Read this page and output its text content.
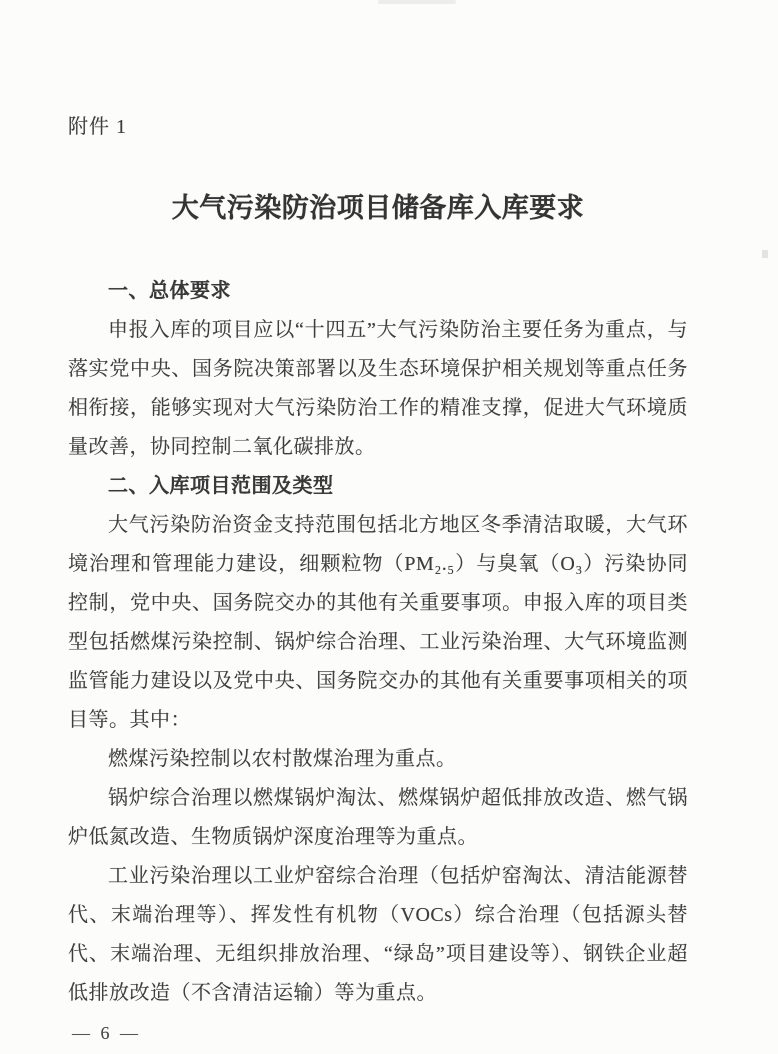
附件 1
大气污染防治项目储备库入库要求
一、总体要求

申报入库的项目应以“十四五”大气污染防治主要任务为重点，与落实党中央、国务院决策部署以及生态环境保护相关规划等重点任务相衔接，能够实现对大气污染防治工作的精准支撑，促进大气环境质量改善，协同控制二氧化碳排放。

二、入库项目范围及类型

大气污染防治资金支持范围包括北方地区冬季清洁取暖，大气环境治理和管理能力建设，细颗粒物（PM₂.₅）与臭氧（O₃）污染协同控制，党中央、国务院交办的其他有关重要事项。申报入库的项目类型包括燃煤污染控制、锅炉综合治理、工业污染治理、大气环境监测监管能力建设以及党中央、国务院交办的其他有关重要事项相关的项目等。其中：

燃煤污染控制以农村散煤治理为重点。

锅炉综合治理以燃煤锅炉淘汰、燃煤锅炉超低排放改造、燃气锅炉低氮改造、生物质锅炉深度治理等为重点。

工业污染治理以工业炉窑综合治理（包括炉窑淘汰、清洁能源替代、末端治理等）、挥发性有机物（VOCs）综合治理（包括源头替代、末端治理、无组织排放治理、“绿岛”项目建设等）、钢铁企业超低排放改造（不含清洁运输）等为重点。

— 6 —
